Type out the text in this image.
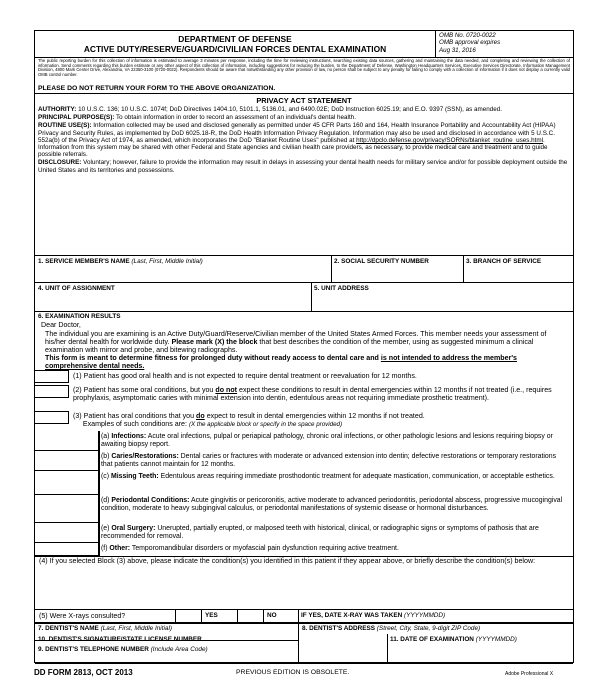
DEPARTMENT OF DEFENSE
ACTIVE DUTY/RESERVE/GUARD/CIVILIAN FORCES DENTAL EXAMINATION
OMB No. 0720-0022
OMB approval expires
Aug 31, 2016
The public reporting burden for this collection of information is estimated to average 3 minutes per response, including the time for reviewing instructions, searching existing data sources, gathering and maintaining the data needed, and completing and reviewing the collection of information. Send comments regarding this burden estimate or any other aspect of this collection of information, including suggestions for reducing the burden, to the Department of Defense, Washington Headquarters Services, Executive Services Directorate, Information Management Division, 4800 Mark Center Drive, Alexandria, VA 22350-3100 (0720-0022). Respondents should be aware that notwithstanding any other provision of law, no person shall be subject to any penalty for failing to comply with a collection of information if it does not display a currently valid OMB control number.
PLEASE DO NOT RETURN YOUR FORM TO THE ABOVE ORGANIZATION.
PRIVACY ACT STATEMENT

AUTHORITY: 10 U.S.C. 136; 10 U.S.C. 1074f; DoD Directives 1404.10, 5101.1, 5136.01, and 6490.02E; DoD Instruction 6025.19; and E.O. 9397 (SSN), as amended.

PRINCIPAL PURPOSE(S): To obtain information in order to record an assessment of an individual's dental health.

ROUTINE USE(S): Information collected may be used and disclosed generally as permitted under 45 CFR Parts 160 and 164, Health Insurance Portability and Accountability Act (HIPAA) Privacy and Security Rules, as implemented by DoD 6025.18-R, the DoD Health Information Privacy Regulation. Information may also be used and disclosed in accordance with 5 U.S.C. 552a(b) of the Privacy Act of 1974, as amended, which incorporates the DoD "Blanket Routine Uses" published at http://dpclo.defense.gov/privacy/SORNs/blanket_routine_uses.html. Information from this system may be shared with other Federal and State agencies and civilian health care providers, as necessary, to provide medical care and treatment and to guide possible referrals.

DISCLOSURE: Voluntary; however, failure to provide the information may result in delays in assessing your dental health needs for military service and/or for possible deployment outside the United States and its territories and possessions.

1. SERVICE MEMBER'S NAME (Last, First, Middle Initial)	2. SOCIAL SECURITY NUMBER	3. BRANCH OF SERVICE
4. UNIT OF ASSIGNMENT	5. UNIT ADDRESS
6. EXAMINATION RESULTS
Dear Doctor,
The individual you are examining is an Active Duty/Guard/Reserve/Civilian member of the United States Armed Forces. This member needs your assessment of his/her dental health for worldwide duty. Please mark (X) the block that best describes the condition of the member, using as suggested minimum a clinical examination with mirror and probe, and bitewing radiographs.
This form is meant to determine fitness for prolonged duty without ready access to dental care and is not intended to address the member's comprehensive dental needs.
(1) Patient has good oral health and is not expected to require dental treatment or reevaluation for 12 months.
(2) Patient has some oral conditions, but you do not expect these conditions to result in dental emergencies within 12 months if not treated (i.e., requires prophylaxis, asymptomatic caries with minimal extension into dentin, edentulous areas not requiring immediate prosthetic treatment).
(3) Patient has oral conditions that you do expect to result in dental emergencies within 12 months if not treated.
Examples of such conditions are: (X the applicable block or specify in the space provided)
(a) Infections: Acute oral infections, pulpal or periapical pathology, chronic oral infections, or other pathologic lesions and lesions requiring biopsy or awaiting biopsy report.
(b) Caries/Restorations: Dental caries or fractures with moderate or advanced extension into dentin; defective restorations or temporary restorations that patients cannot maintain for 12 months.
(c) Missing Teeth: Edentulous areas requiring immediate prosthodontic treatment for adequate mastication, communication, or acceptable esthetics.
(d) Periodontal Conditions: Acute gingivitis or pericoronitis, active moderate to advanced periodontitis, periodontal abscess, progressive mucogingival condition, moderate to heavy subgingival calculus, or periodontal manifestations of systemic disease or hormonal disturbances.
(e) Oral Surgery: Unerupted, partially erupted, or malposed teeth with historical, clinical, or radiographic signs or symptoms of pathosis that are recommended for removal.
(f) Other: Temporomandibular disorders or myofascial pain dysfunction requiring active treatment.
(4) If you selected Block (3) above, please indicate the condition(s) you identified in this patient if they appear above, or briefly describe the condition(s) below:
(5) Were X-rays consulted?	YES	NO	IF YES, DATE X-RAY WAS TAKEN (YYYYMMDD)
7. DENTIST'S NAME (Last, First, Middle Initial)	8. DENTIST'S ADDRESS (Street, City, State, 9-digit ZIP Code)
9. DENTIST'S TELEPHONE NUMBER (Include Area Code)
10. DENTIST'S SIGNATURE/STATE LICENSE NUMBER	11. DATE OF EXAMINATION (YYYYMMDD)
DD FORM 2813, OCT 2013	PREVIOUS EDITION IS OBSOLETE.	Adobe Professional X
